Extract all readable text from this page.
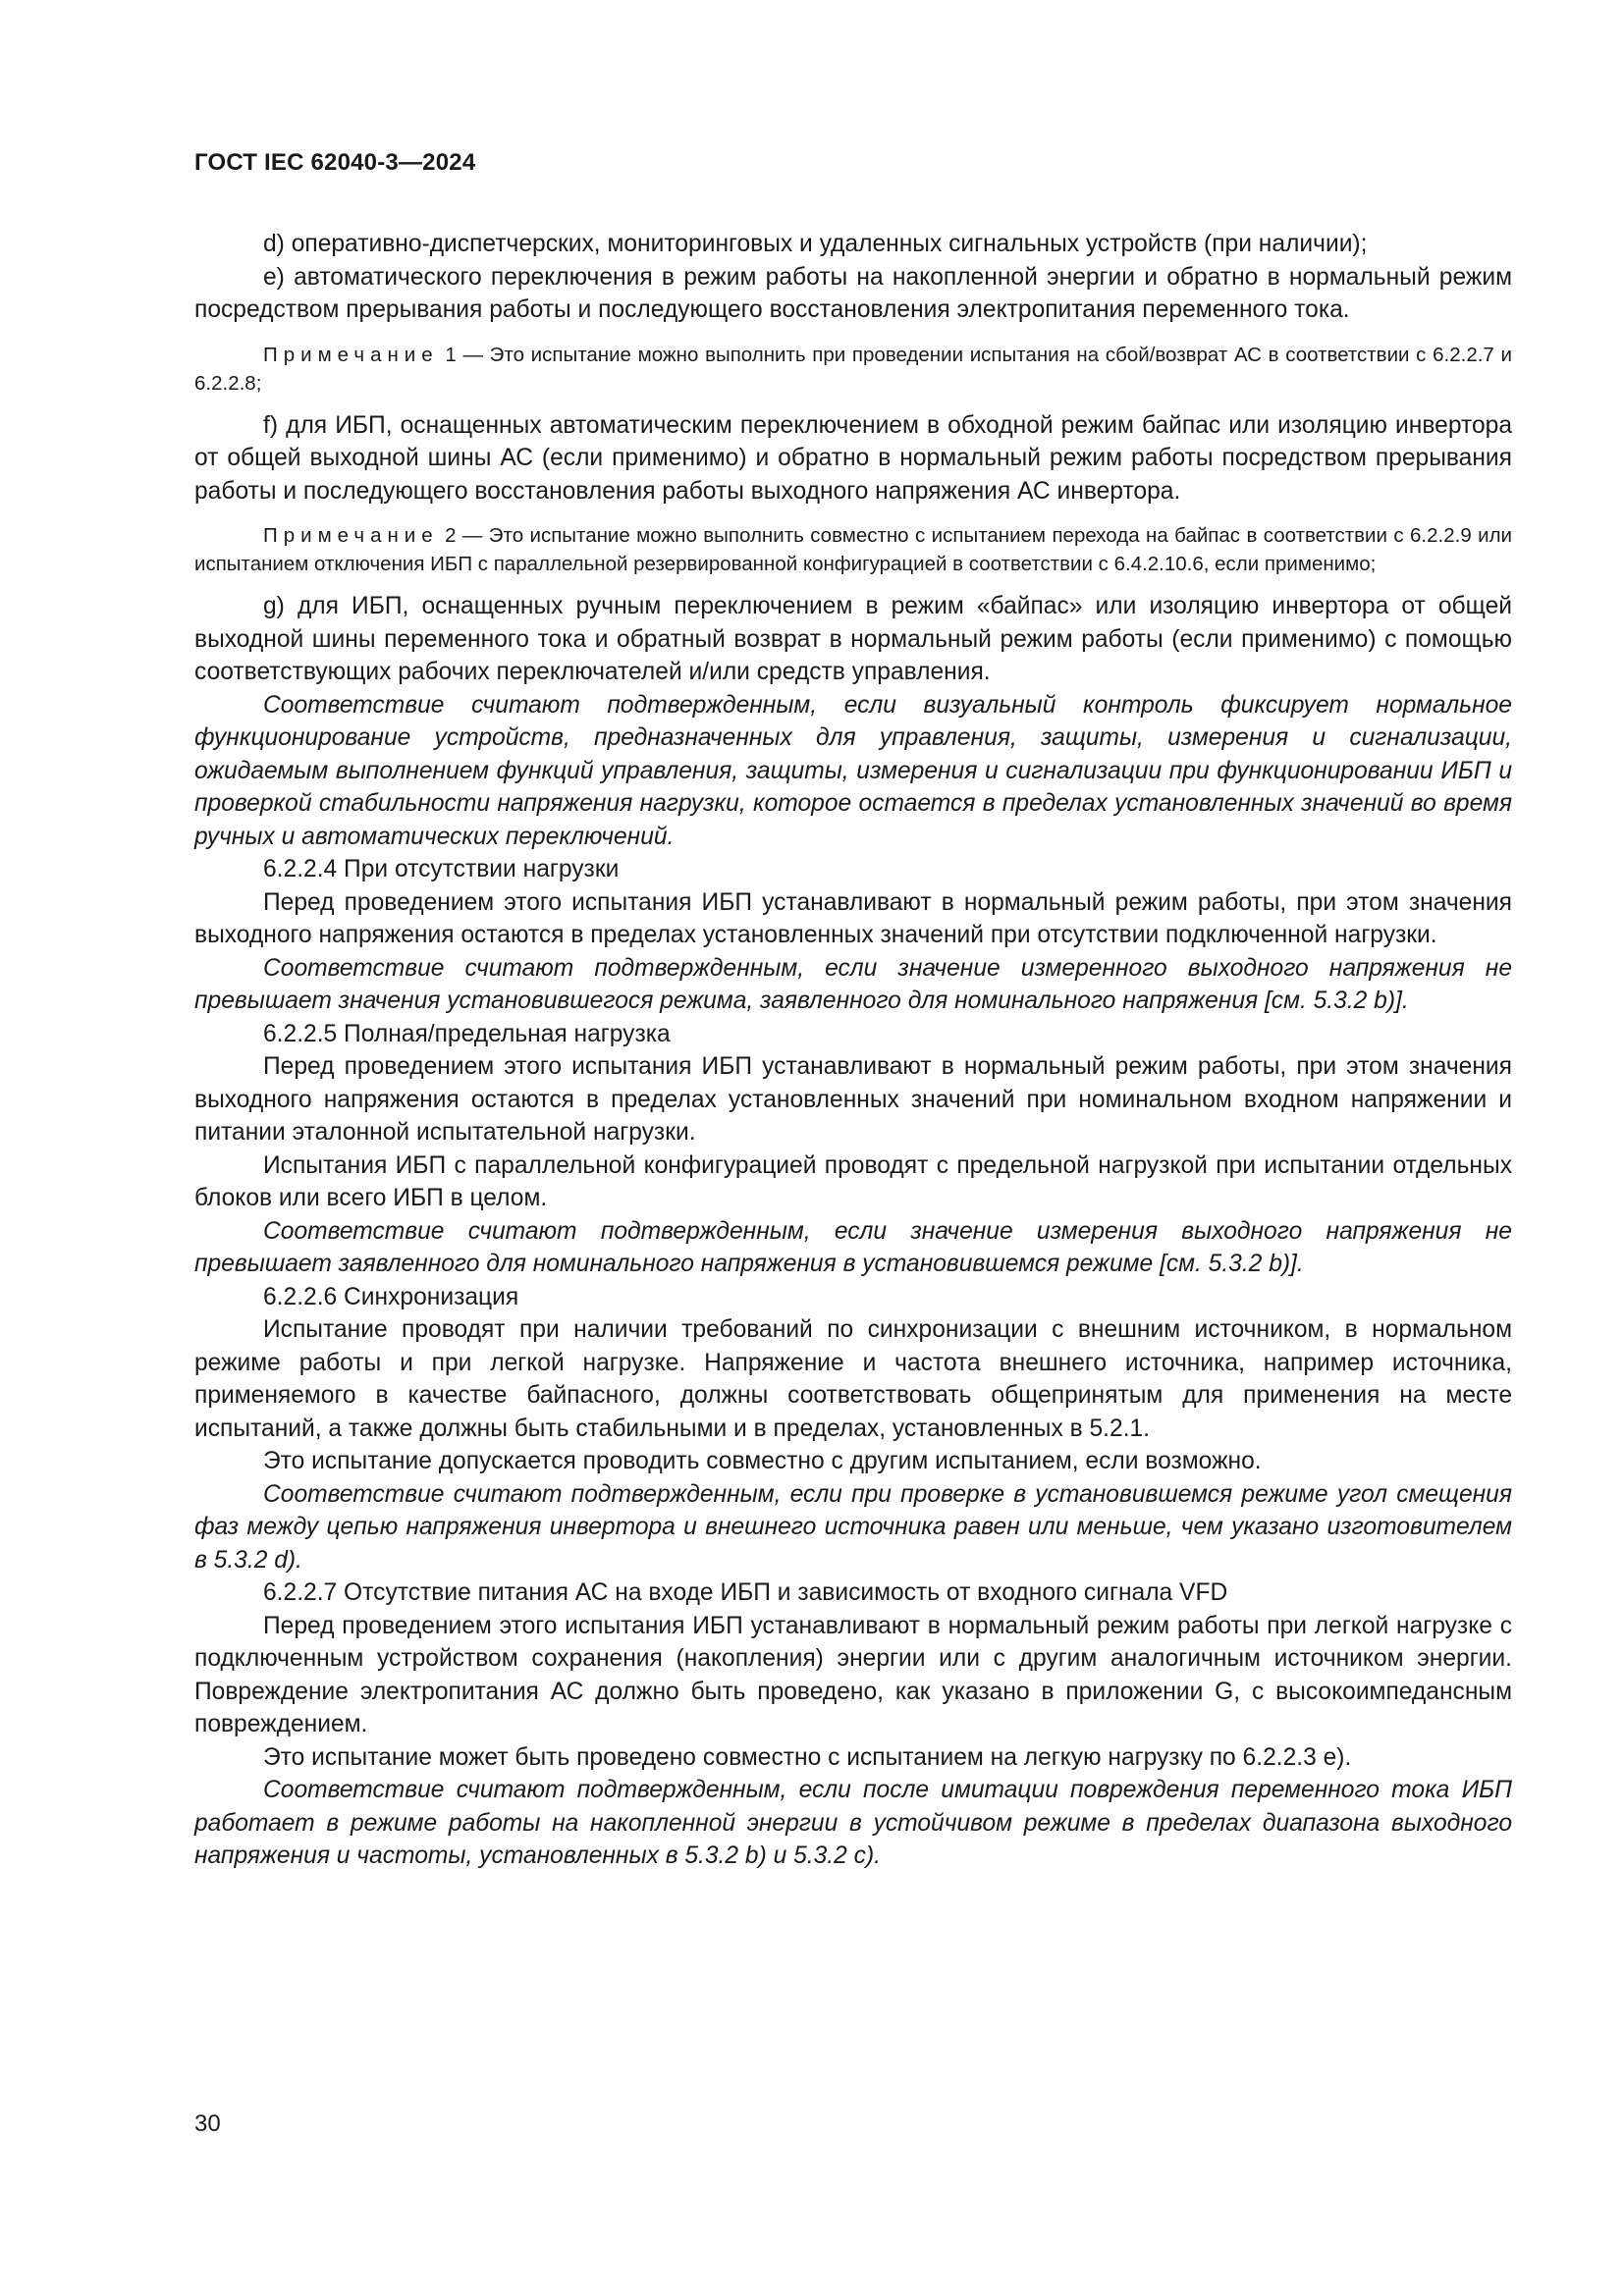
ГОСТ IEC 62040-3—2024

d) оперативно-диспетчерских, мониторинговых и удаленных сигнальных устройств (при наличии);

е) автоматического переключения в режим работы на накопленной энергии и обратно в нормальный режим посредством прерывания работы и последующего восстановления электропитания переменного тока.

Примечание 1 — Это испытание можно выполнить при проведении испытания на сбой/возврат АС в соответствии с 6.2.2.7 и 6.2.2.8;

f) для ИБП, оснащенных автоматическим переключением в обходной режим байпас или изоляцию инвертора от общей выходной шины АС (если применимо) и обратно в нормальный режим работы посредством прерывания работы и последующего восстановления работы выходного напряжения АС инвертора.

Примечание 2 — Это испытание можно выполнить совместно с испытанием перехода на байпас в соответствии с 6.2.2.9 или испытанием отключения ИБП с параллельной резервированной конфигурацией в соответствии с 6.4.2.10.6, если применимо;

g) для ИБП, оснащенных ручным переключением в режим «байпас» или изоляцию инвертора от общей выходной шины переменного тока и обратный возврат в нормальный режим работы (если применимо) с помощью соответствующих рабочих переключателей и/или средств управления.

Соответствие считают подтвержденным, если визуальный контроль фиксирует нормальное функционирование устройств, предназначенных для управления, защиты, измерения и сигнализации, ожидаемым выполнением функций управления, защиты, измерения и сигнализации при функционировании ИБП и проверкой стабильности напряжения нагрузки, которое остается в пределах установленных значений во время ручных и автоматических переключений.

6.2.2.4 При отсутствии нагрузки

Перед проведением этого испытания ИБП устанавливают в нормальный режим работы, при этом значения выходного напряжения остаются в пределах установленных значений при отсутствии подключенной нагрузки.

Соответствие считают подтвержденным, если значение измеренного выходного напряжения не превышает значения установившегося режима, заявленного для номинального напряжения [см. 5.3.2 b)].

6.2.2.5 Полная/предельная нагрузка

Перед проведением этого испытания ИБП устанавливают в нормальный режим работы, при этом значения выходного напряжения остаются в пределах установленных значений при номинальном входном напряжении и питании эталонной испытательной нагрузки.

Испытания ИБП с параллельной конфигурацией проводят с предельной нагрузкой при испытании отдельных блоков или всего ИБП в целом.

Соответствие считают подтвержденным, если значение измерения выходного напряжения не превышает заявленного для номинального напряжения в установившемся режиме [см. 5.3.2 b)].

6.2.2.6 Синхронизация

Испытание проводят при наличии требований по синхронизации с внешним источником, в нормальном режиме работы и при легкой нагрузке. Напряжение и частота внешнего источника, например источника, применяемого в качестве байпасного, должны соответствовать общепринятым для применения на месте испытаний, а также должны быть стабильными и в пределах, установленных в 5.2.1.

Это испытание допускается проводить совместно с другим испытанием, если возможно.

Соответствие считают подтвержденным, если при проверке в установившемся режиме угол смещения фаз между цепью напряжения инвертора и внешнего источника равен или меньше, чем указано изготовителем в 5.3.2 d).

6.2.2.7 Отсутствие питания АС на входе ИБП и зависимость от входного сигнала VFD

Перед проведением этого испытания ИБП устанавливают в нормальный режим работы при легкой нагрузке с подключенным устройством сохранения (накопления) энергии или с другим аналогичным источником энергии. Повреждение электропитания АС должно быть проведено, как указано в приложении G, с высокоимпедансным повреждением.

Это испытание может быть проведено совместно с испытанием на легкую нагрузку по 6.2.2.3 е).

Соответствие считают подтвержденным, если после имитации повреждения переменного тока ИБП работает в режиме работы на накопленной энергии в устойчивом режиме в пределах диапазона выходного напряжения и частоты, установленных в 5.3.2 b) и 5.3.2 с).

30
